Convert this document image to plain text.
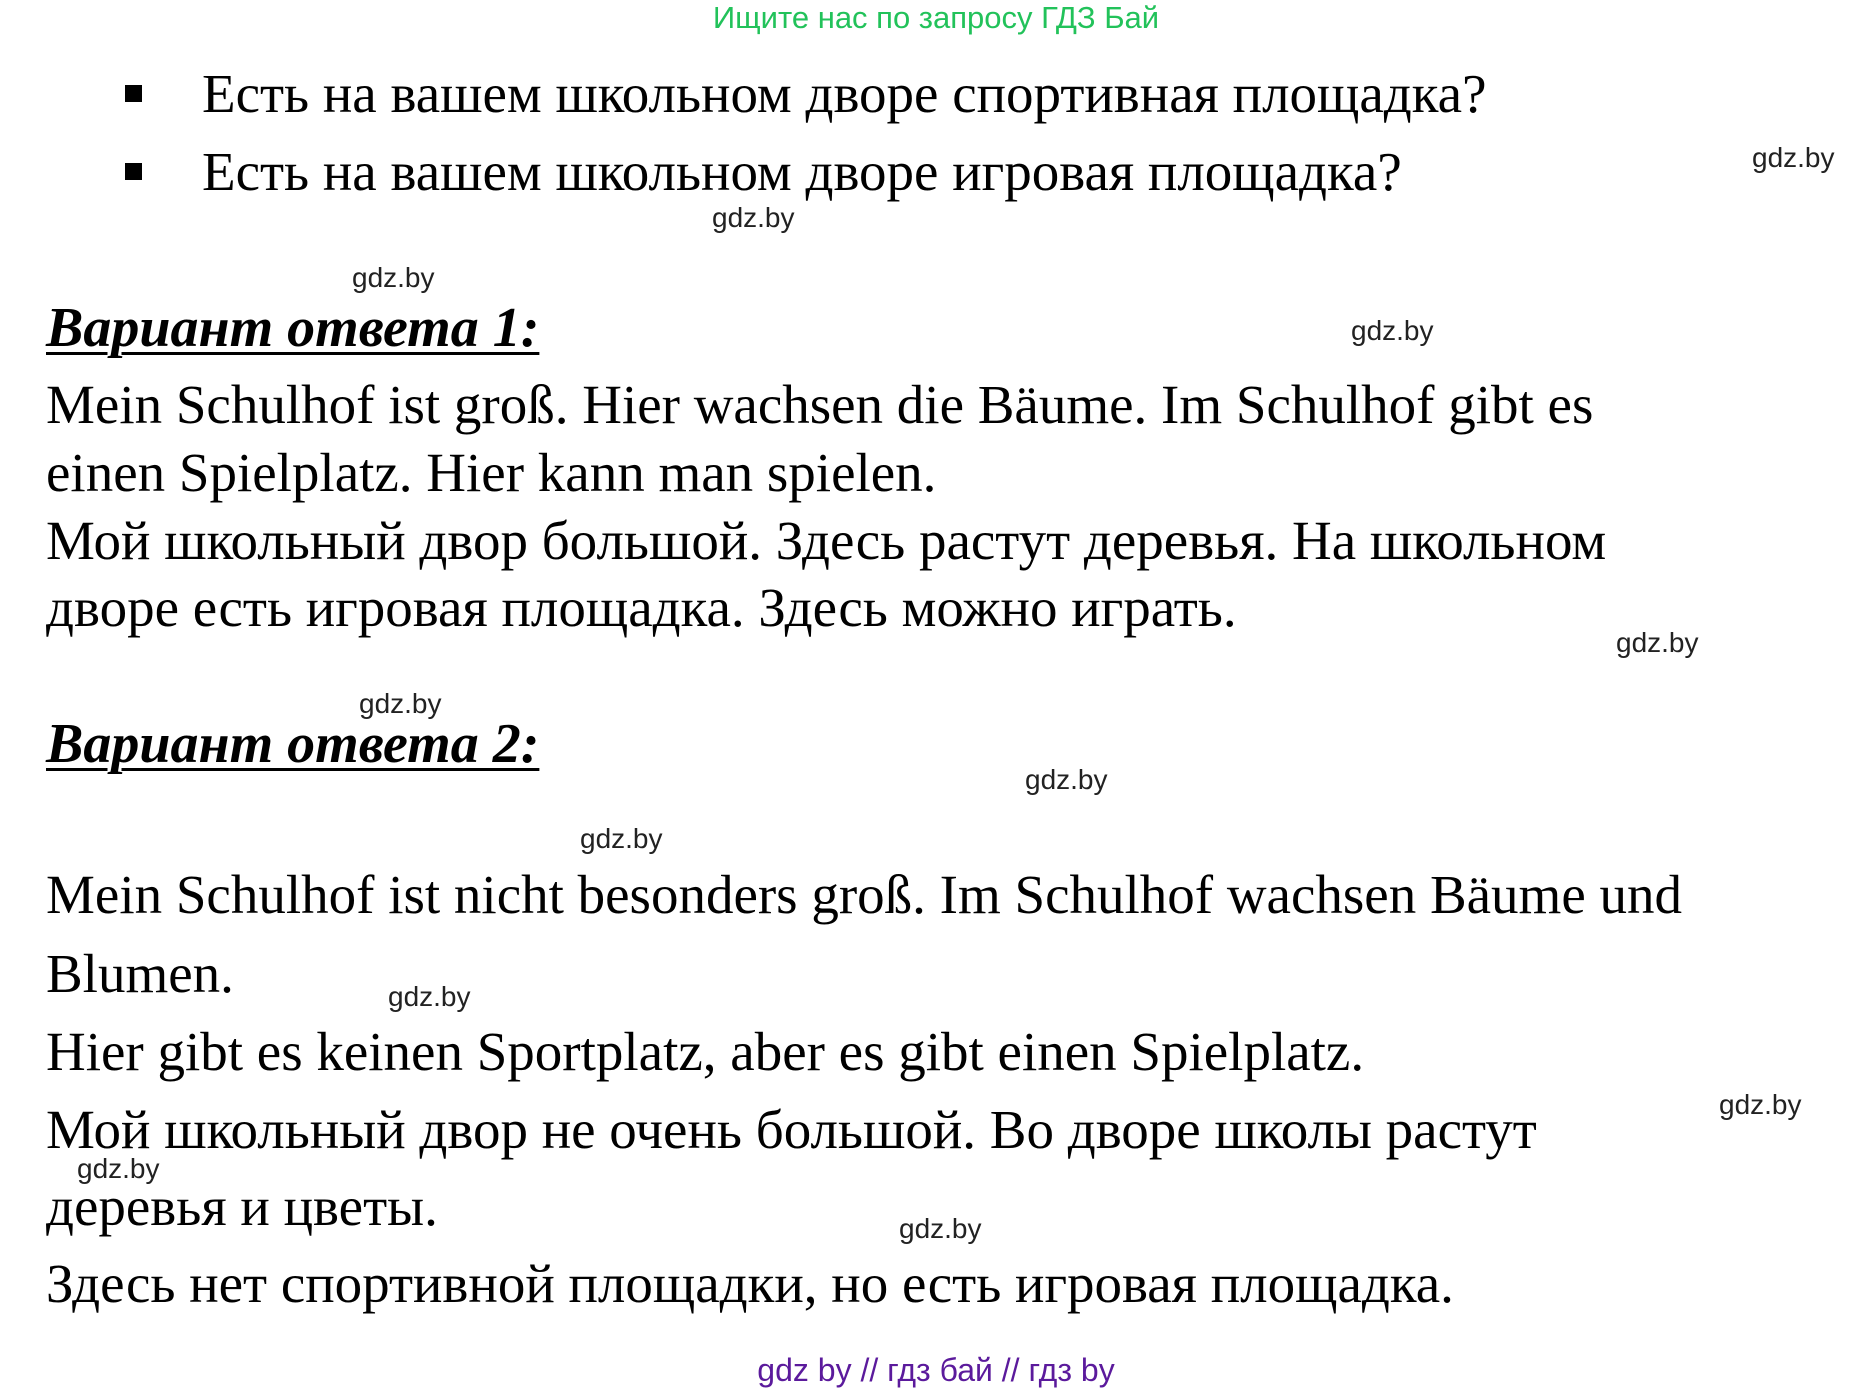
Ищите нас по запросу ГДЗ Бай
Есть на вашем школьном дворе спортивная площадка?
Есть на вашем школьном дворе игровая площадка?
Вариант ответа 1:
Mein Schulhof ist groß. Hier wachsen die Bäume. Im Schulhof gibt es
einen Spielplatz. Hier kann man spielen.
Мой школьный двор большой. Здесь растут деревья. На школьном
дворе есть игровая площадка. Здесь можно играть.
Вариант ответа 2:
Mein Schulhof ist nicht besonders groß. Im Schulhof wachsen Bäume und
Blumen.
Hier gibt es keinen Sportplatz, aber es gibt einen Spielplatz.
Мой школьный двор не очень большой. Во дворе школы растут
деревья и цветы.
Здесь нет спортивной площадки, но есть игровая площадка.
gdz.by
gdz.by
gdz.by
gdz.by
gdz.by
gdz.by
gdz.by
gdz.by
gdz.by
gdz.by
gdz.by
gdz.by
gdz by // гдз бай // гдз by
